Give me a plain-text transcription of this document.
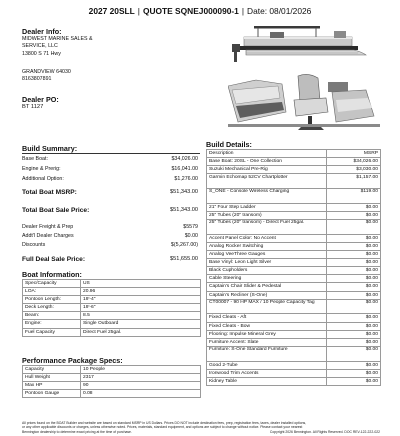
2027 20SLL | QUOTE SQNEJ000090-1 | Date: 08/01/2026
Dealer Info:
MIDWEST MARINE SALES &
SERVICE, LLC
13800 S 71 Hwy
GRANDVIEW 64030
8163807891
Dealer PO:
BT 1127
Build Summary:
Base Boat:	$34,026.00
Engine & Prerig:	$16,041.00
Additional Option:	$1,276.00
Total Boat MSRP:	$51,343.00
Total Boat Sale Price:	$51,343.00
Dealer Freight & Prep	$5579
Addt'l Dealer Charges	$0.00
Discounts	$(5,267.00)
Full Deal Sale Price:	$51,655.00
Boat Information:
Spec/Capacity	US
LOA:	20.96
Pontoon Length:	19'-4"
Deck Length:	19'-6"
Beam:	8.5
Engine:	Single Outboard
Fuel Capacity	Direct Fuel 25gal.
Performance Package Specs:
Capacity	10 People
Hull Weight	2317
Max HP	90
Pontoon Gauge	0.08
Build Details:
Description	MSRP
Base Boat: 20SL - One Collection	$34,026.00
Suzuki Mechanical Pre-Rig	$3,030.00
Garmin Echomap 52CV Chartplotter	$1,157.00
S_ONE - Console Wireless Charging	$119.00
21" Four Step Ladder	$0.00
25" Tubes (20" transom)	$0.00
25" Tubes (20" transom) - Direct Fuel 25gal.	$0.00
Accent Panel Color: No Accent	$0.00
Analog Rocker Switching	$0.00
Analog VeeThree Gauges	$0.00
Base Vinyl: Leon Light Silver	$0.00
Black Cupholders	$0.00
Cable Steering	$0.00
Captain's Chair Slider & Pedestal	$0.00
Captain's Recliner (S-One)	$0.00
CT00007 - 90 HP MAX / 10 People Capacity Tag	$0.00
Fixed Cleats - Aft	$0.00
Fixed Cleats - Bow	$0.00
Flooring: Impulse Mineral Grey	$0.00
Furniture Accent: Slate	$0.00
Furniture: S-One Standard Furniture	$0.00
Good 2-Tube	$0.00
Ironwood Trim Accents	$0.00
Kidney Table	$0.00
All prices found on the BOAT Builder and website are based on standard MSRP in US Dollars. Prices DO NOT include destination fees, prep, registration fees, taxes, dealer installed options,
or any other applicable discounts or charges, unless otherwise noted. Prices, materials, standard equipment, and options are subject to change without notice. Please contact your nearest
Bennington dealership to determine exact pricing at the time of purchase.	Copyright 2026 Bennington. All Rights Reserved. DOC REV-122-222-022
